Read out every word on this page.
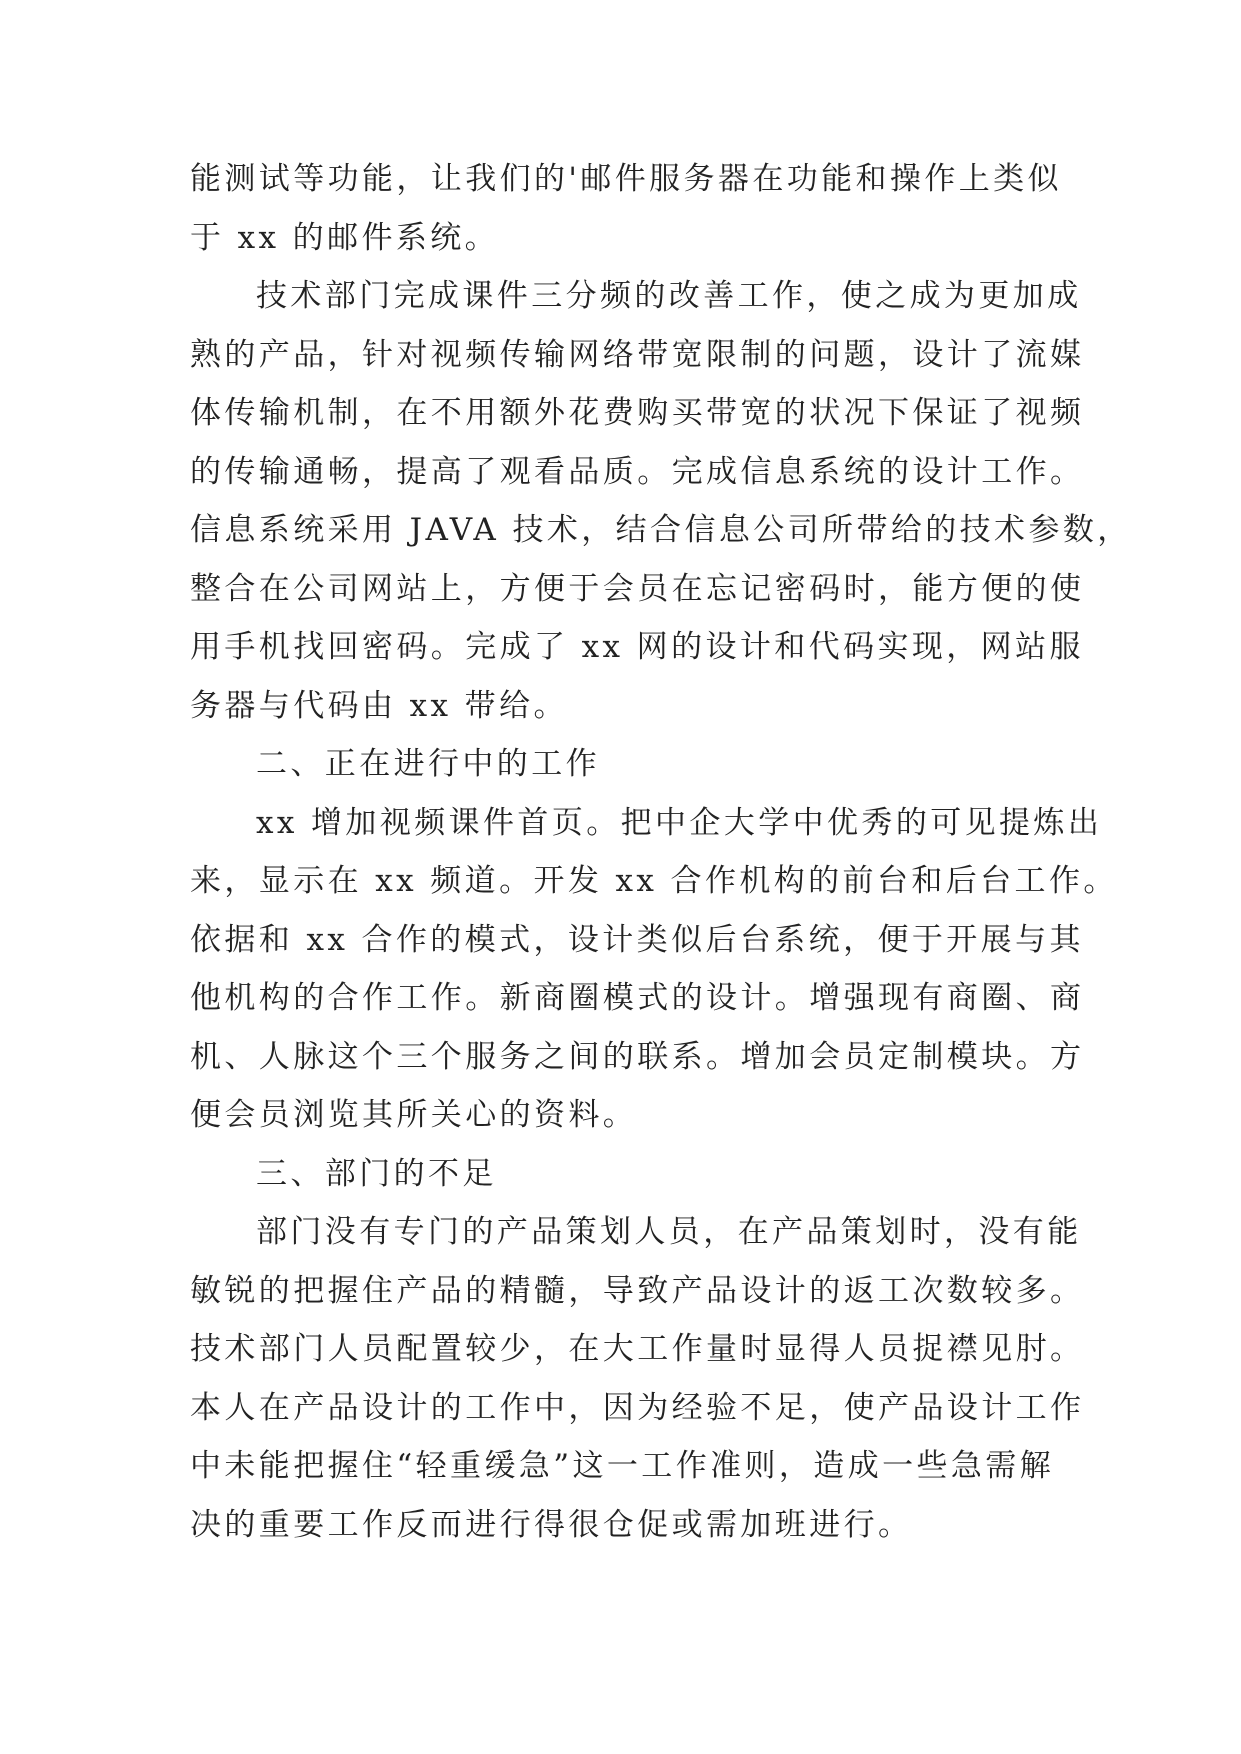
能测试等功能，让我们的'邮件服务器在功能和操作上类似
于 xx 的邮件系统。
技术部门完成课件三分频的改善工作，使之成为更加成
熟的产品，针对视频传输网络带宽限制的问题，设计了流媒
体传输机制，在不用额外花费购买带宽的状况下保证了视频
的传输通畅，提高了观看品质。完成信息系统的设计工作。
信息系统采用 JAVA 技术，结合信息公司所带给的技术参数，
整合在公司网站上，方便于会员在忘记密码时，能方便的使
用手机找回密码。完成了 xx 网的设计和代码实现，网站服
务器与代码由 xx 带给。
二、正在进行中的工作
xx 增加视频课件首页。把中企大学中优秀的可见提炼出
来，显示在 xx 频道。开发 xx 合作机构的前台和后台工作。
依据和 xx 合作的模式，设计类似后台系统，便于开展与其
他机构的合作工作。新商圈模式的设计。增强现有商圈、商
机、人脉这个三个服务之间的联系。增加会员定制模块。方
便会员浏览其所关心的资料。
三、部门的不足
部门没有专门的产品策划人员，在产品策划时，没有能
敏锐的把握住产品的精髓，导致产品设计的返工次数较多。
技术部门人员配置较少，在大工作量时显得人员捉襟见肘。
本人在产品设计的工作中，因为经验不足，使产品设计工作
中未能把握住“轻重缓急”这一工作准则，造成一些急需解
决的重要工作反而进行得很仓促或需加班进行。
